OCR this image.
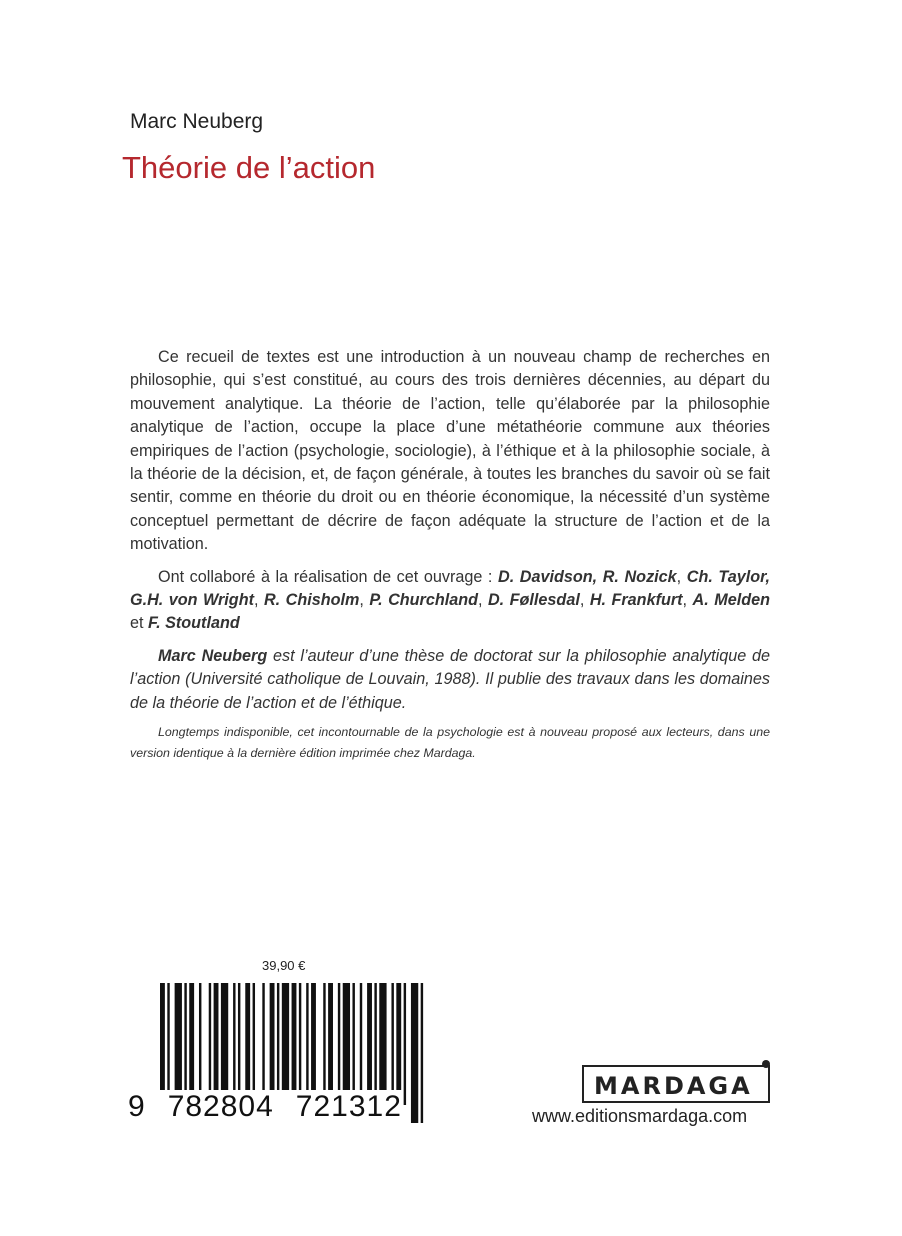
Marc Neuberg
Théorie de l’action

Ce recueil de textes est une introduction à un nouveau champ de recherches en philosophie, qui s’est constitué, au cours des trois dernières décennies, au départ du mouvement analytique. La théorie de l’action, telle qu’élaborée par la philosophie analytique de l’action, occupe la place d’une métathéorie commune aux théories empiriques de l’action (psychologie, sociologie), à l’éthique et à la philosophie sociale, à la théorie de la décision, et, de façon générale, à toutes les branches du savoir où se fait sentir, comme en théorie du droit ou en théorie économique, la nécessité d’un système conceptuel permettant de décrire de façon adéquate la structure de l’action et de la motivation.

Ont collaboré à la réalisation de cet ouvrage : D. Davidson, R. Nozick, Ch. Taylor, G.H. von Wright, R. Chisholm, P. Churchland, D. Føllesdal, H. Frankfurt, A. Melden et F. Stoutland

Marc Neuberg est l’auteur d’une thèse de doctorat sur la philosophie analytique de l’action (Université catholique de Louvain, 1988). Il publie des travaux dans les domaines de la théorie de l’action et de l’éthique.

Longtemps indisponible, cet incontournable de la psychologie est à nouveau proposé aux lecteurs, dans une version identique à la dernière édition imprimée chez Mardaga.

39,90 €
9 782804 721312
MARDAGA
www.editionsmardaga.com
